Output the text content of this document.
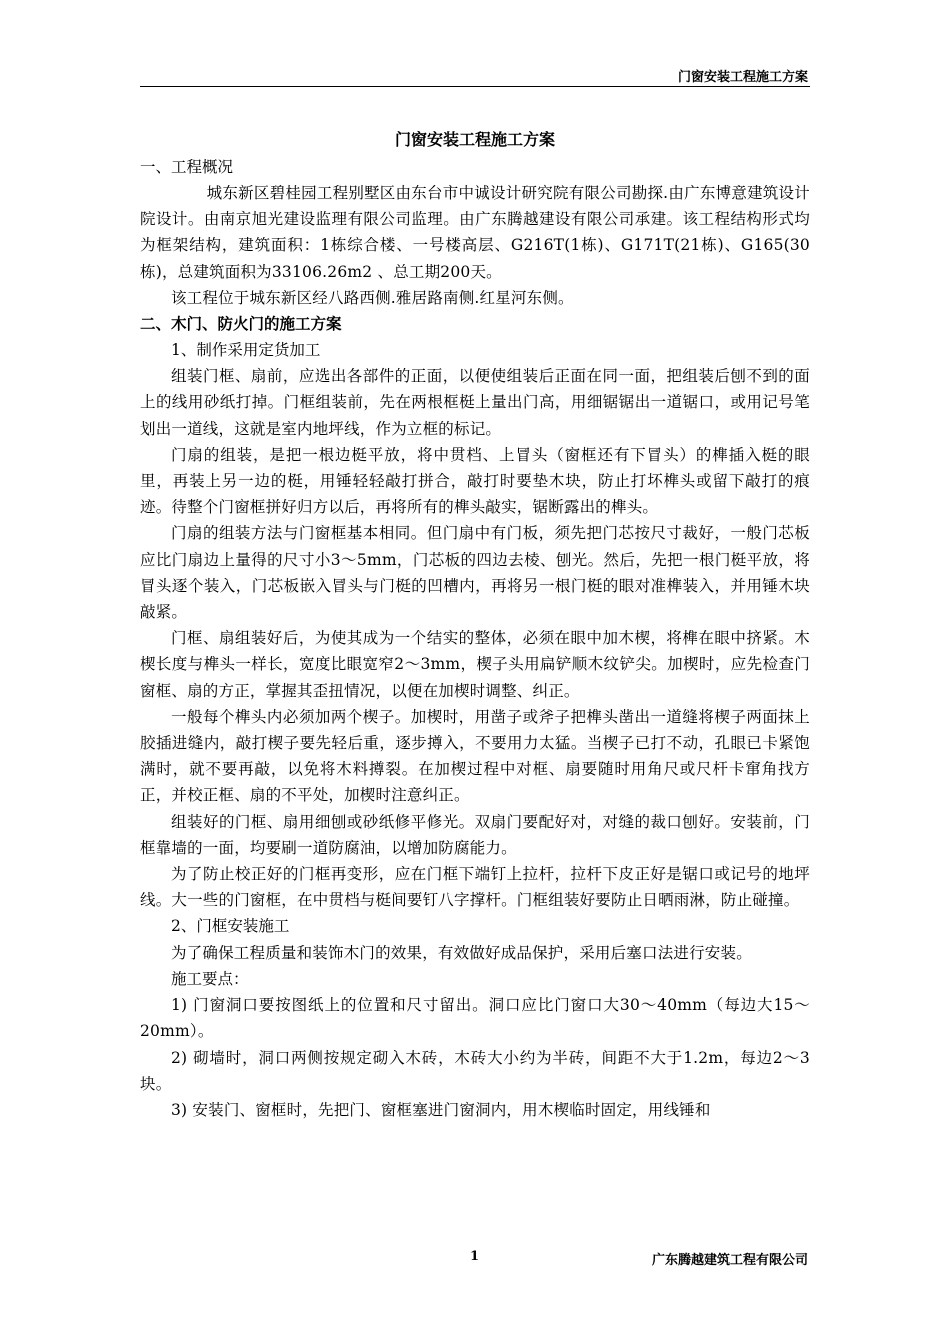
门窗安装工程施工方案
门窗安装工程施工方案
一、工程概况

城东新区碧桂园工程别墅区由东台市中诚设计研究院有限公司勘探.由广东博意建筑设计院设计。由南京旭光建设监理有限公司监理。由广东腾越建设有限公司承建。该工程结构形式均为框架结构，建筑面积：1栋综合楼、一号楼高层、G216T(1栋)、G171T(21栋)、G165(30栋)，总建筑面积为33106.26m2 、总工期200天。

该工程位于城东新区经八路西侧.雅居路南侧.红星河东侧。

二、木门、防火门的施工方案
1、制作采用定货加工

组装门框、扇前，应选出各部件的正面，以便使组装后正面在同一面，把组装后刨不到的面上的线用砂纸打掉。门框组装前，先在两根框梃上量出门高，用细锯锯出一道锯口，或用记号笔划出一道线，这就是室内地坪线，作为立框的标记。

门扇的组装，是把一根边梃平放，将中贯档、上冒头（窗框还有下冒头）的榫插入梃的眼里，再装上另一边的梃，用锤轻轻敲打拼合，敲打时要垫木块，防止打坏榫头或留下敲打的痕迹。待整个门窗框拼好归方以后，再将所有的榫头敲实，锯断露出的榫头。

门扇的组装方法与门窗框基本相同。但门扇中有门板，须先把门芯按尺寸裁好，一般门芯板应比门扇边上量得的尺寸小3～5mm，门芯板的四边去棱、刨光。然后，先把一根门梃平放，将冒头逐个装入，门芯板嵌入冒头与门梃的凹槽内，再将另一根门梃的眼对准榫装入，并用锤木块敲紧。

门框、扇组装好后，为使其成为一个结实的整体，必须在眼中加木楔，将榫在眼中挤紧。木楔长度与榫头一样长，宽度比眼宽窄2～3mm，楔子头用扁铲顺木纹铲尖。加楔时，应先检查门窗框、扇的方正，掌握其歪扭情况，以便在加楔时调整、纠正。

一般每个榫头内必须加两个楔子。加楔时，用凿子或斧子把榫头凿出一道缝将楔子两面抹上胶插进缝内，敲打楔子要先轻后重，逐步撙入，不要用力太猛。当楔子已打不动，孔眼已卡紧饱满时，就不要再敲，以免将木料撙裂。在加楔过程中对框、扇要随时用角尺或尺杆卡窜角找方正，并校正框、扇的不平处，加楔时注意纠正。

组装好的门框、扇用细刨或砂纸修平修光。双扇门要配好对，对缝的裁口刨好。安装前，门框靠墙的一面，均要刷一道防腐油，以增加防腐能力。

为了防止校正好的门框再变形，应在门框下端钉上拉杆，拉杆下皮正好是锯口或记号的地坪线。大一些的门窗框，在中贯档与梃间要钉八字撑杆。门框组装好要防止日晒雨淋，防止碰撞。

2、门框安装施工

为了确保工程质量和装饰木门的效果，有效做好成品保护，采用后塞口法进行安装。

施工要点：

1) 门窗洞口要按图纸上的位置和尺寸留出。洞口应比门窗口大30～40mm（每边大15～20mm）。

2) 砌墙时，洞口两侧按规定砌入木砖，木砖大小约为半砖，间距不大于1.2m，每边2～3块。

3) 安装门、窗框时，先把门、窗框塞进门窗洞内，用木楔临时固定，用线锤和

1	广东腾越建筑工程有限公司
